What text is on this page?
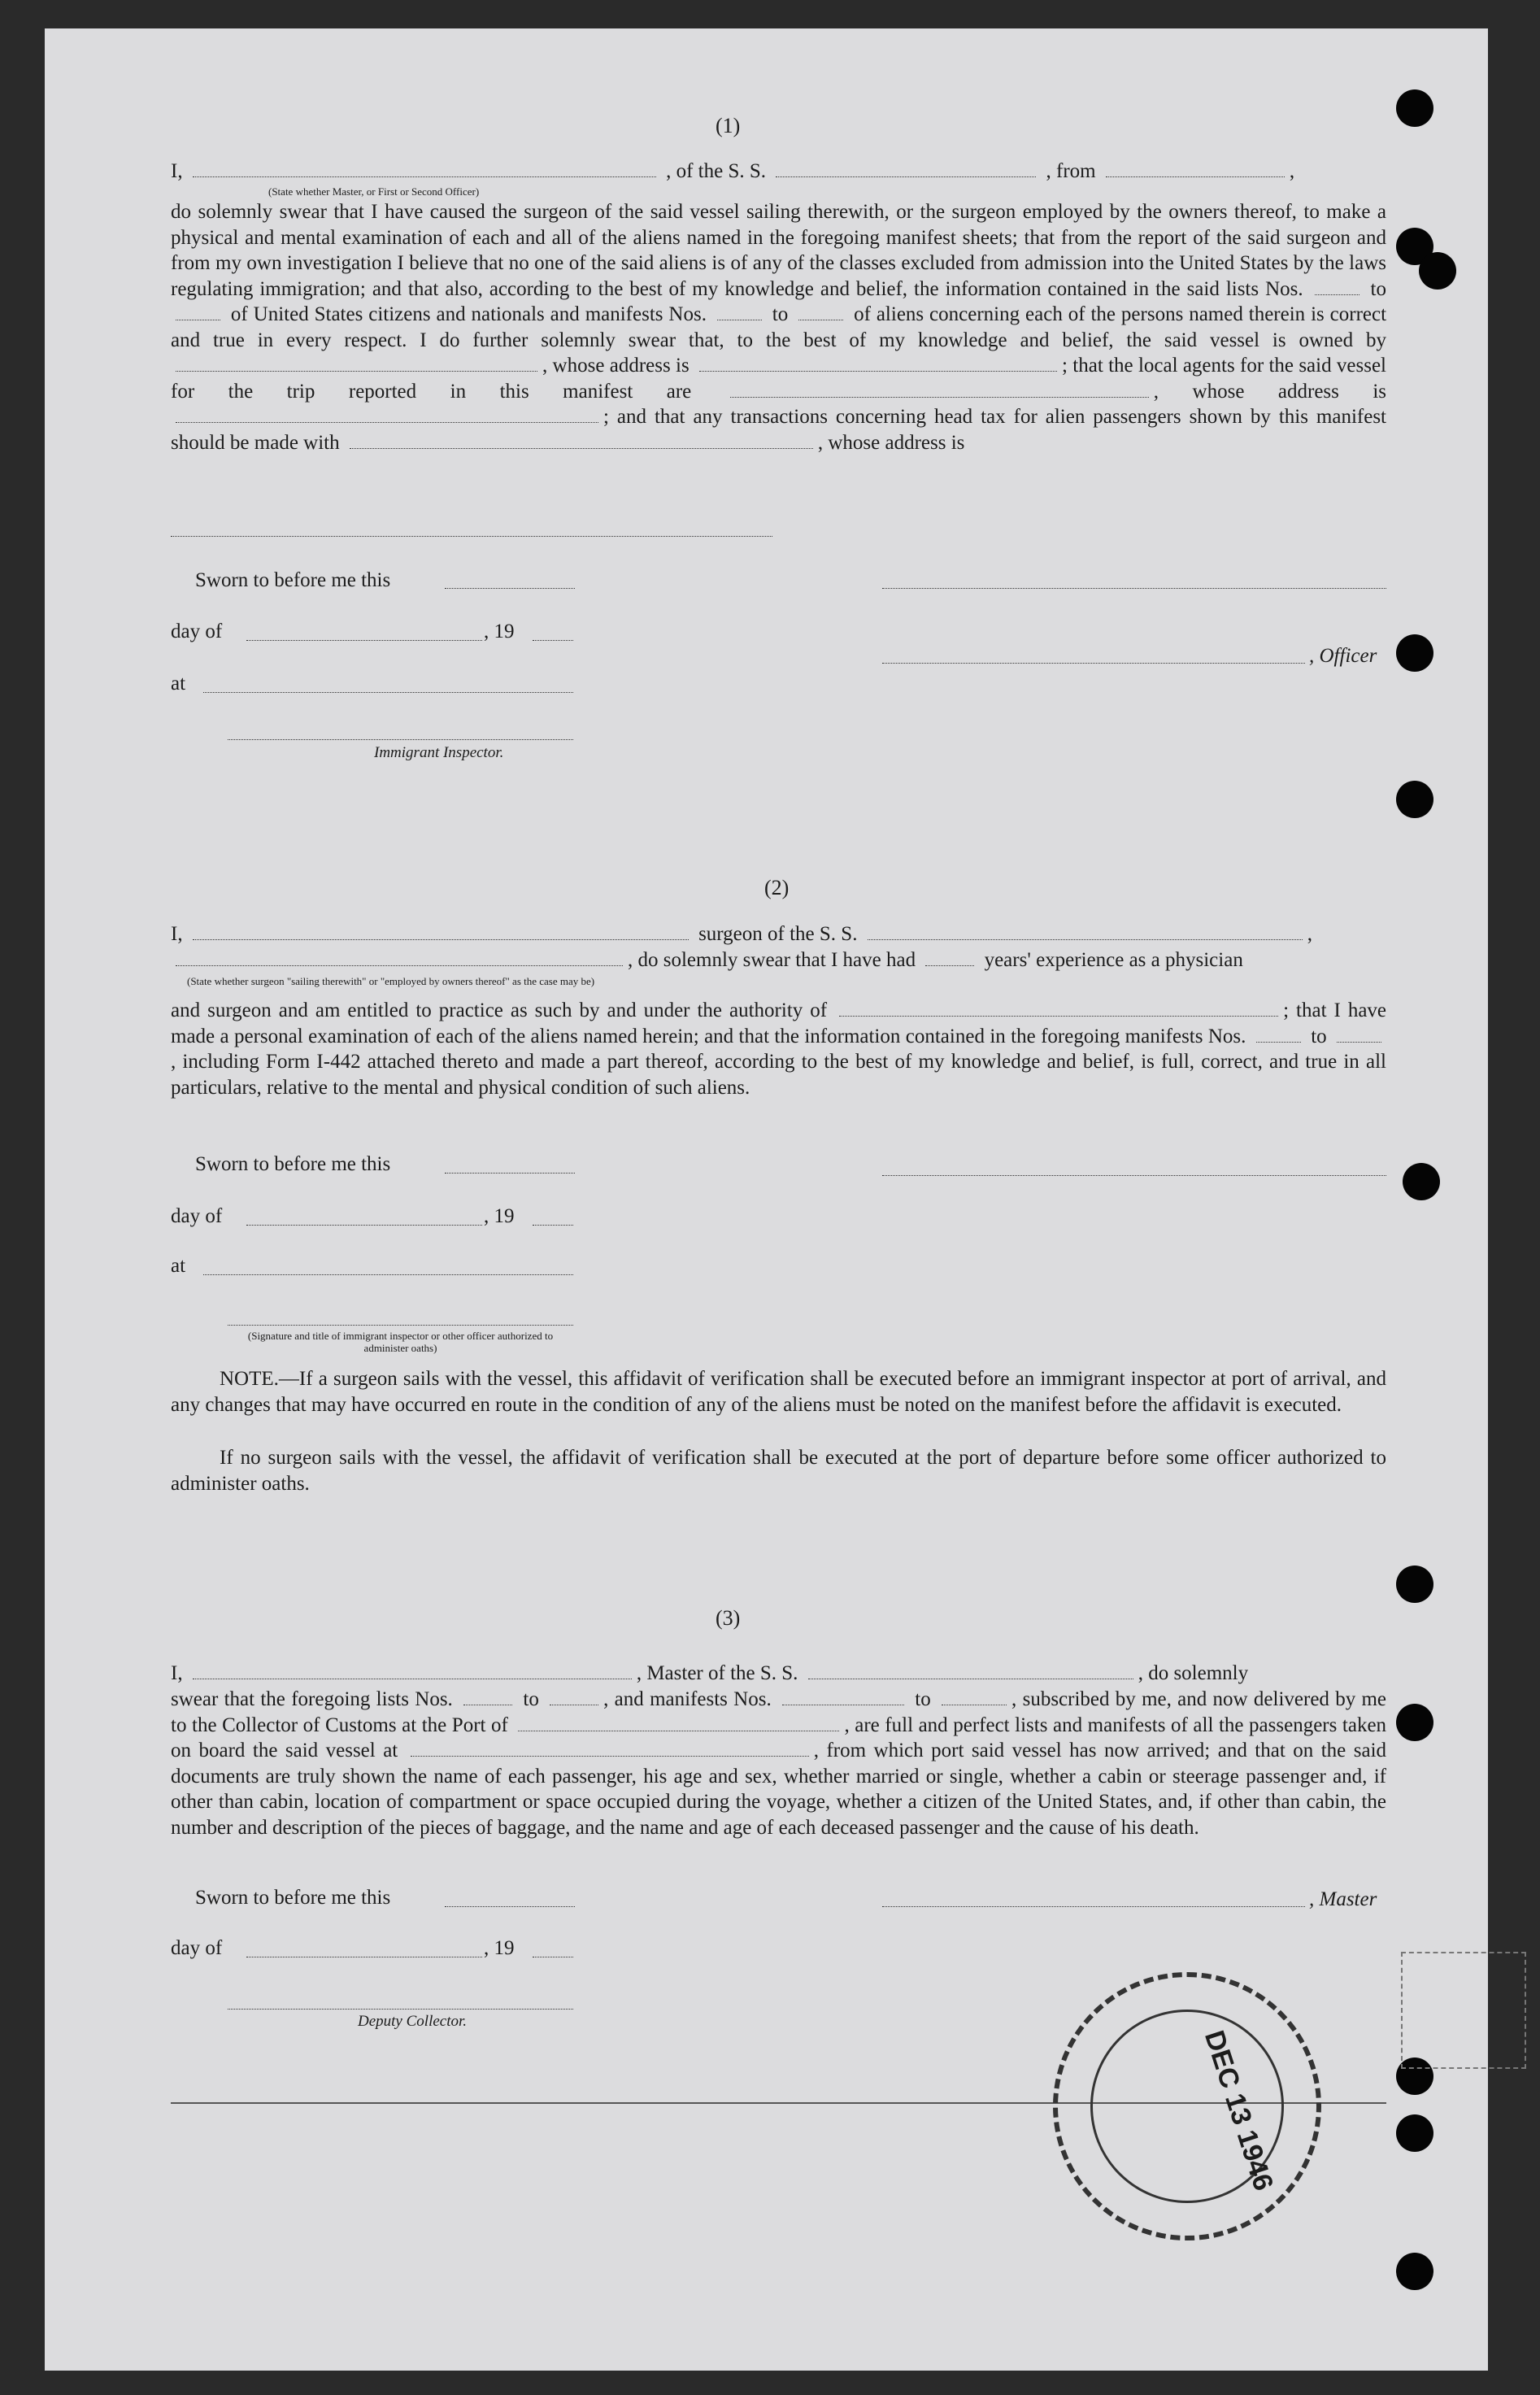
(1)
I,	, of the S. S.	, from	,
(State whether Master, or First or Second Officer)
do solemnly swear that I have caused the surgeon of the said vessel sailing therewith, or the surgeon employed by the owners thereof, to make a physical and mental examination of each and all of the aliens named in the foregoing manifest sheets; that from the report of the said surgeon and from my own investigation I believe that no one of the said aliens is of any of the classes excluded from admission into the United States by the laws regulating immigration; and that also, according to the best of my knowledge and belief, the information contained in the said lists Nos.	to  of United States citizens and nationals and manifests Nos.	to	of aliens concerning each of the persons named therein is correct and true in every respect. I do further solemnly swear that, to the best of my knowledge and belief, the said vessel is owned by , whose address is	; that the local agents for the said vessel for the trip reported in this manifest are	, whose address is ; and that any transactions concerning head tax for alien passengers shown by this manifest should be made with	, whose address is
Sworn to before me this
day of	, 19
, Officer
at
Immigrant Inspector.
(2)
I,	surgeon of the S. S.	,
, do solemnly swear that I have had	years' experience as a physician
(State whether surgeon "sailing therewith" or "employed by owners thereof" as the case may be)
and surgeon and am entitled to practice as such by and under the authority of	; that I have made a personal examination of each of the aliens named herein; and that the information contained in the foregoing manifests Nos.	to , including Form I-442 attached thereto and made a part thereof, according to the best of my knowledge and belief, is full, correct, and true in all particulars, relative to the mental and physical condition of such aliens.
Sworn to before me this
day of	, 19
at
(Signature and title of immigrant inspector or other officer authorized to administer oaths)
NOTE.—If a surgeon sails with the vessel, this affidavit of verification shall be executed before an immigrant inspector at port of arrival, and any changes that may have occurred en route in the condition of any of the aliens must be noted on the manifest before the affidavit is executed.
If no surgeon sails with the vessel, the affidavit of verification shall be executed at the port of departure before some officer authorized to administer oaths.
(3)
I,	, Master of the S. S.	, do solemnly
swear that the foregoing lists Nos.	to	, and manifests Nos.	to	, subscribed by me, and now delivered by me to the Collector of Customs at the Port of	, are full and perfect lists and manifests of all the passengers taken on board the said vessel at	, from which port said vessel has now arrived; and that on the said documents are truly shown the name of each passenger, his age and sex, whether married or single, whether a cabin or steerage passenger and, if other than cabin, location of compartment or space occupied during the voyage, whether a citizen of the United States, and, if other than cabin, the number and description of the pieces of baggage, and the name and age of each deceased passenger and the cause of his death.
Sworn to before me this	, Master
day of	, 19
Deputy Collector.
DEC 13 1946
